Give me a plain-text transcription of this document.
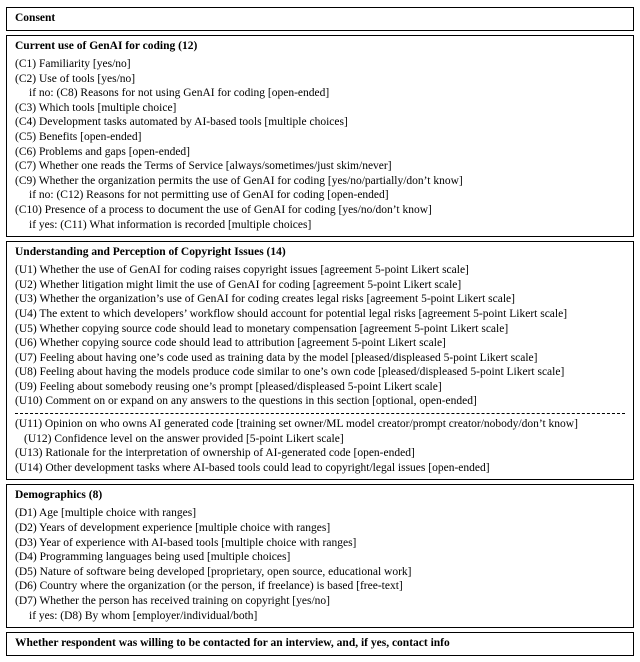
Consent
Current use of GenAI for coding (12)
(C1) Familiarity [yes/no]
(C2) Use of tools [yes/no]
if no: (C8) Reasons for not using GenAI for coding [open-ended]
(C3) Which tools [multiple choice]
(C4) Development tasks automated by AI-based tools [multiple choices]
(C5) Benefits [open-ended]
(C6) Problems and gaps [open-ended]
(C7) Whether one reads the Terms of Service [always/sometimes/just skim/never]
(C9) Whether the organization permits the use of GenAI for coding [yes/no/partially/don’t know]
if no: (C12) Reasons for not permitting use of GenAI for coding [open-ended]
(C10) Presence of a process to document the use of GenAI for coding [yes/no/don’t know]
if yes: (C11) What information is recorded [multiple choices]
Understanding and Perception of Copyright Issues (14)
(U1) Whether the use of GenAI for coding raises copyright issues [agreement 5-point Likert scale]
(U2) Whether litigation might limit the use of GenAI for coding [agreement 5-point Likert scale]
(U3) Whether the organization’s use of GenAI for coding creates legal risks [agreement 5-point Likert scale]
(U4) The extent to which developers’ workflow should account for potential legal risks [agreement 5-point Likert scale]
(U5) Whether copying source code should lead to monetary compensation [agreement 5-point Likert scale]
(U6) Whether copying source code should lead to attribution [agreement 5-point Likert scale]
(U7) Feeling about having one’s code used as training data by the model [pleased/displeased 5-point Likert scale]
(U8) Feeling about having the models produce code similar to one’s own code [pleased/displeased 5-point Likert scale]
(U9) Feeling about somebody reusing one’s prompt [pleased/displeased 5-point Likert scale]
(U10) Comment on or expand on any answers to the questions in this section [optional, open-ended]
(U11) Opinion on who owns AI generated code [training set owner/ML model creator/prompt creator/nobody/don’t know]
(U12) Confidence level on the answer provided [5-point Likert scale]
(U13) Rationale for the interpretation of ownership of AI-generated code [open-ended]
(U14) Other development tasks where AI-based tools could lead to copyright/legal issues [open-ended]
Demographics (8)
(D1) Age [multiple choice with ranges]
(D2) Years of development experience [multiple choice with ranges]
(D3) Year of experience with AI-based tools [multiple choice with ranges]
(D4) Programming languages being used [multiple choices]
(D5) Nature of software being developed [proprietary, open source, educational work]
(D6) Country where the organization (or the person, if freelance) is based [free-text]
(D7) Whether the person has received training on copyright [yes/no]
if yes: (D8) By whom [employer/individual/both]
Whether respondent was willing to be contacted for an interview, and, if yes, contact info
